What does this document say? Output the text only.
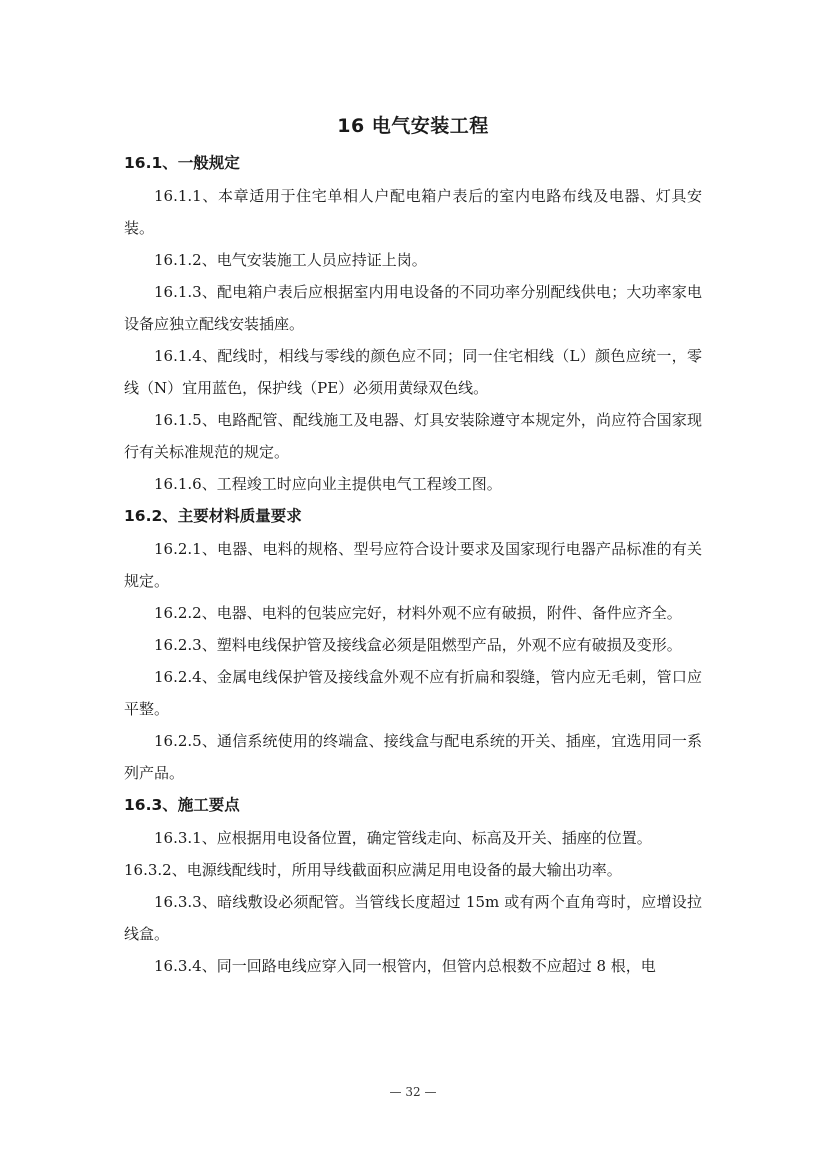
16 电气安装工程
16.1、一般规定
16.1.1、本章适用于住宅单相人户配电箱户表后的室内电路布线及电器、灯具安装。
16.1.2、电气安装施工人员应持证上岗。
16.1.3、配电箱户表后应根据室内用电设备的不同功率分别配线供电；大功率家电设备应独立配线安装插座。
16.1.4、配线时，相线与零线的颜色应不同；同一住宅相线（L）颜色应统一，零线（N）宜用蓝色，保护线（PE）必须用黄绿双色线。
16.1.5、电路配管、配线施工及电器、灯具安装除遵守本规定外，尚应符合国家现行有关标准规范的规定。
16.1.6、工程竣工时应向业主提供电气工程竣工图。
16.2、主要材料质量要求
16.2.1、电器、电料的规格、型号应符合设计要求及国家现行电器产品标准的有关规定。
16.2.2、电器、电料的包装应完好，材料外观不应有破损，附件、备件应齐全。
16.2.3、塑料电线保护管及接线盒必须是阻燃型产品，外观不应有破损及变形。
16.2.4、金属电线保护管及接线盒外观不应有折扁和裂缝，管内应无毛刺，管口应平整。
16.2.5、通信系统使用的终端盒、接线盒与配电系统的开关、插座，宜选用同一系列产品。
16.3、施工要点
16.3.1、应根据用电设备位置，确定管线走向、标高及开关、插座的位置。
16.3.2、电源线配线时，所用导线截面积应满足用电设备的最大输出功率。
16.3.3、暗线敷设必须配管。当管线长度超过 15m 或有两个直角弯时，应增设拉线盒。
16.3.4、同一回路电线应穿入同一根管内，但管内总根数不应超过 8 根，电
— 32 —
